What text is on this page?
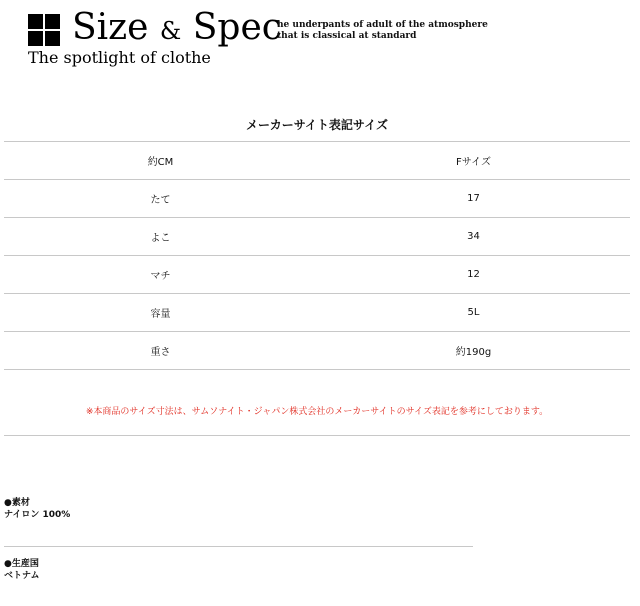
Size & Spec
he underpants of adult of the atmosphere
that is classical at standard
The spotlight of clothe
メーカーサイト表記サイズ
約CM	Fサイズ
たて	17
よこ	34
マチ	12
容量	5L
重さ	約190g
※本商品のサイズ寸法は、サムソナイト・ジャパン株式会社のメーカーサイトのサイズ表記を参考にしております。
●素材
ナイロン 100%
●生産国
ベトナム
